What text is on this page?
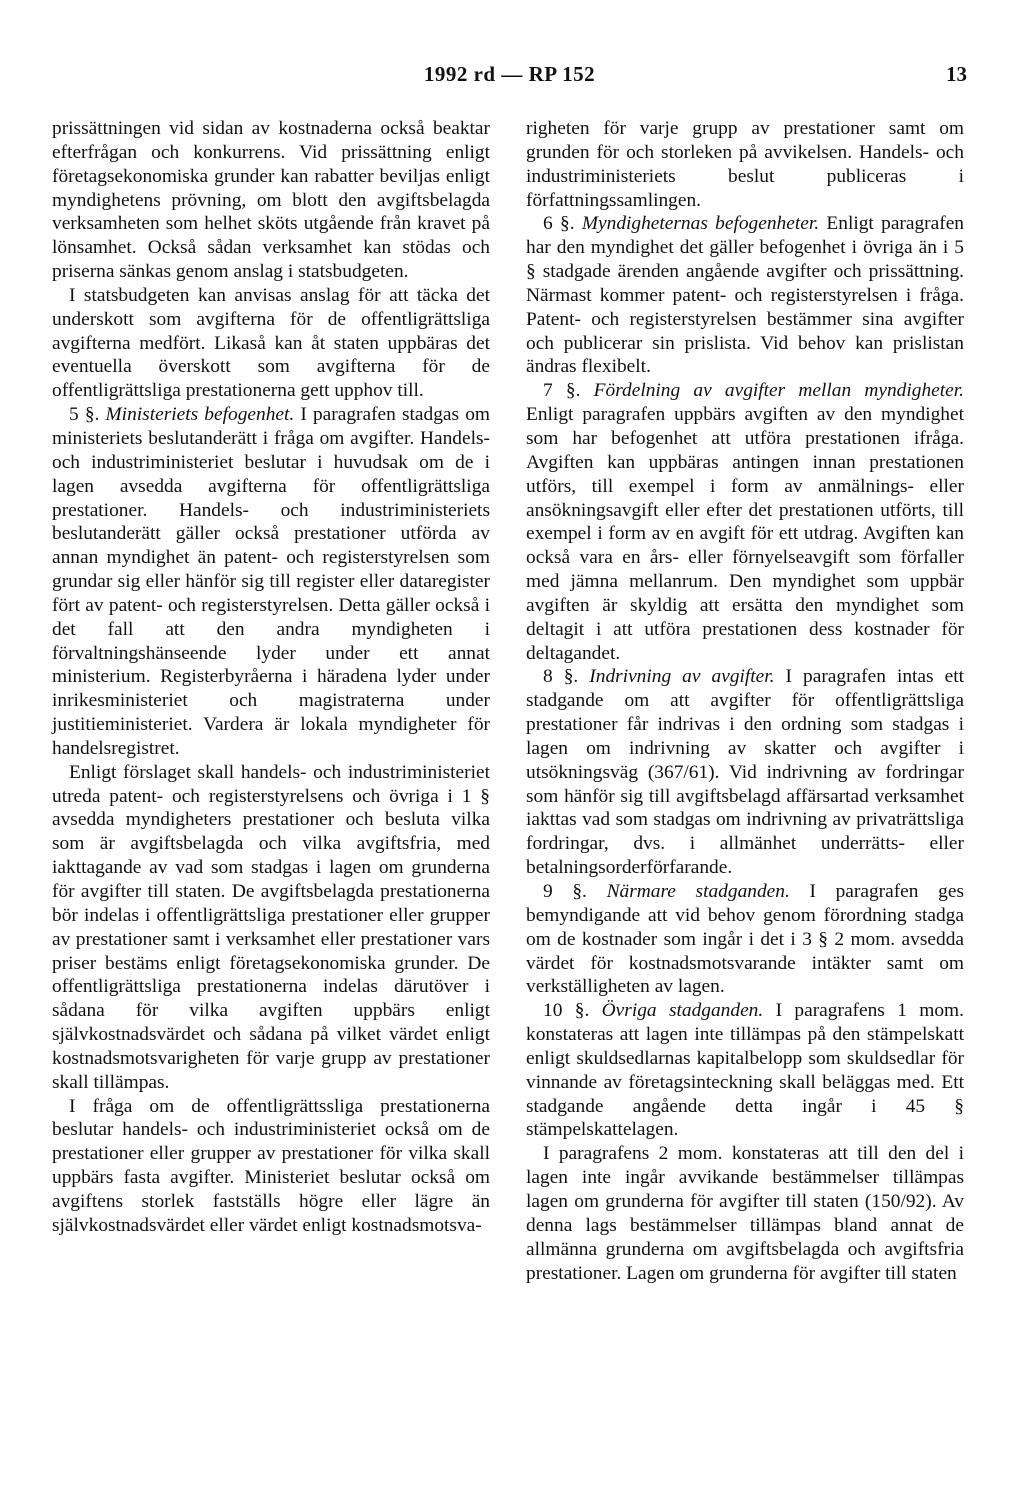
1992 rd — RP 152	13

prissättningen vid sidan av kostnaderna också beaktar efterfrågan och konkurrens. Vid prissättning enligt företagsekonomiska grunder kan rabatter beviljas enligt myndighetens prövning, om blott den avgiftsbelagda verksamheten som helhet sköts utgående från kravet på lönsamhet. Också sådan verksamhet kan stödas och priserna sänkas genom anslag i statsbudgeten.

I statsbudgeten kan anvisas anslag för att täcka det underskott som avgifterna för de offentligrättsliga avgifterna medfört. Likaså kan åt staten uppbäras det eventuella överskott som avgifterna för de offentligrättsliga prestationerna gett upphov till.

5 §. Ministeriets befogenhet. I paragrafen stadgas om ministeriets beslutanderätt i fråga om avgifter. Handels- och industriministeriet beslutar i huvudsak om de i lagen avsedda avgifterna för offentligrättsliga prestationer. Handels- och industriministeriets beslutanderätt gäller också prestationer utförda av annan myndighet än patent- och registerstyrelsen som grundar sig eller hänför sig till register eller dataregister fört av patent- och registerstyrelsen. Detta gäller också i det fall att den andra myndigheten i förvaltningshänseende lyder under ett annat ministerium. Registerbyråerna i häradena lyder under inrikesministeriet och magistraterna under justitieministeriet. Vardera är lokala myndigheter för handelsregistret.

Enligt förslaget skall handels- och industriministeriet utreda patent- och registerstyrelsens och övriga i 1 § avsedda myndigheters prestationer och besluta vilka som är avgiftsbelagda och vilka avgiftsfria, med iakttagande av vad som stadgas i lagen om grunderna för avgifter till staten. De avgiftsbelagda prestationerna bör indelas i offentligrättsliga prestationer eller grupper av prestationer samt i verksamhet eller prestationer vars priser bestäms enligt företagsekonomiska grunder. De offentligrättsliga prestationerna indelas därutöver i sådana för vilka avgiften uppbärs enligt självkostnadsvärdet och sådana på vilket värdet enligt kostnadsmotsvarigheten för varje grupp av prestationer skall tillämpas.

I fråga om de offentligrättssliga prestationerna beslutar handels- och industriministeriet också om de prestationer eller grupper av prestationer för vilka skall uppbärs fasta avgifter. Ministeriet beslutar också om avgiftens storlek fastställs högre eller lägre än självkostnadsvärdet eller värdet enligt kostnadsmotsva-

righeten för varje grupp av prestationer samt om grunden för och storleken på avvikelsen. Handels- och industriministeriets beslut publiceras i författningssamlingen.

6 §. Myndigheternas befogenheter. Enligt paragrafen har den myndighet det gäller befogenhet i övriga än i 5 § stadgade ärenden angående avgifter och prissättning. Närmast kommer patent- och registerstyrelsen i fråga. Patent- och registerstyrelsen bestämmer sina avgifter och publicerar sin prislista. Vid behov kan prislistan ändras flexibelt.

7 §. Fördelning av avgifter mellan myndigheter. Enligt paragrafen uppbärs avgiften av den myndighet som har befogenhet att utföra prestationen ifråga. Avgiften kan uppbäras antingen innan prestationen utförs, till exempel i form av anmälnings- eller ansökningsavgift eller efter det prestationen utförts, till exempel i form av en avgift för ett utdrag. Avgiften kan också vara en års- eller förnyelseavgift som förfaller med jämna mellanrum. Den myndighet som uppbär avgiften är skyldig att ersätta den myndighet som deltagit i att utföra prestationen dess kostnader för deltagandet.

8 §. Indrivning av avgifter. I paragrafen intas ett stadgande om att avgifter för offentligrättsliga prestationer får indrivas i den ordning som stadgas i lagen om indrivning av skatter och avgifter i utsökningsväg (367/61). Vid indrivning av fordringar som hänför sig till avgiftsbelagd affärsartad verksamhet iakttas vad som stadgas om indrivning av privaträttsliga fordringar, dvs. i allmänhet underrätts- eller betalningsorderförfarande.

9 §. Närmare stadganden. I paragrafen ges bemyndigande att vid behov genom förordning stadga om de kostnader som ingår i det i 3 § 2 mom. avsedda värdet för kostnadsmotsvarande intäkter samt om verkställigheten av lagen.

10 §. Övriga stadganden. I paragrafens 1 mom. konstateras att lagen inte tillämpas på den stämpelskatt enligt skuldsedlarnas kapitalbelopp som skuldsedlar för vinnande av företagsinteckning skall beläggas med. Ett stadgande angående detta ingår i 45 § stämpelskattelagen.

I paragrafens 2 mom. konstateras att till den del i lagen inte ingår avvikande bestämmelser tillämpas lagen om grunderna för avgifter till staten (150/92). Av denna lags bestämmelser tillämpas bland annat de allmänna grunderna om avgiftsbelagda och avgiftsfria prestationer. Lagen om grunderna för avgifter till staten
